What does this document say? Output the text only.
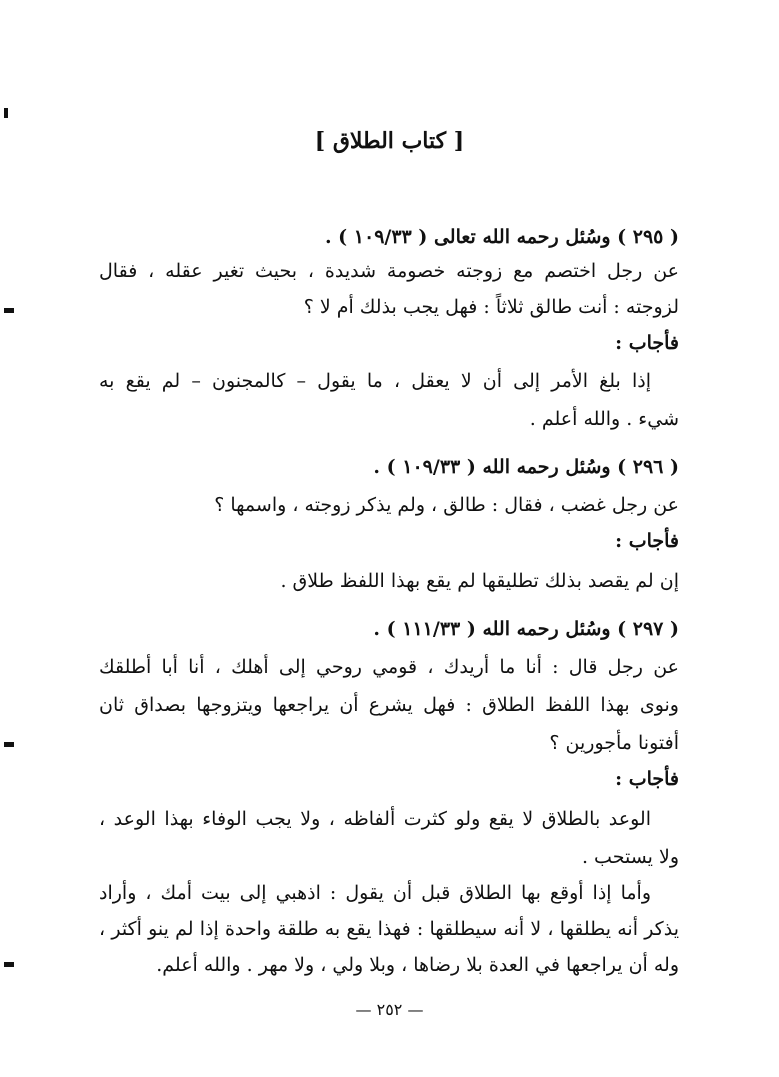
[ كتاب الطلاق ]
( ٢٩٥ ) وسُئل رحمه الله تعالى ( ١٠٩/٣٣ ) .
عن رجل اختصم مع زوجته خصومة شديدة ، بحيث تغير عقله ، فقال
لزوجته : أنت طالق ثلاثاً : فهل يجب بذلك أم لا ؟
فأجاب :
إذا بلغ الأمر إلى أن لا يعقل ، ما يقول – كالمجنون – لم يقع به
شيء . والله أعلم .
( ٢٩٦ ) وسُئل رحمه الله ( ١٠٩/٣٣ ) .
عن رجل غضب ، فقال : طالق ، ولم يذكر زوجته ، واسمها ؟
فأجاب :
إن لم يقصد بذلك تطليقها لم يقع بهذا اللفظ طلاق .
( ٢٩٧ ) وسُئل رحمه الله ( ١١١/٣٣ ) .
عن رجل قال : أنا ما أريدك ، قومي روحي إلى أهلك ، أنا أبا أطلقك
ونوى بهذا اللفظ الطلاق : فهل يشرع أن يراجعها ويتزوجها بصداق ثان
أفتونا مأجورين ؟
فأجاب :
الوعد بالطلاق لا يقع ولو كثرت ألفاظه ، ولا يجب الوفاء بهذا الوعد ،
ولا يستحب .
وأما إذا أوقع بها الطلاق قبل أن يقول : اذهبي إلى بيت أمك ، وأراد
يذكر أنه يطلقها ، لا أنه سيطلقها : فهذا يقع به طلقة واحدة إذا لم ينو أكثر ،
وله أن يراجعها في العدة بلا رضاها ، وبلا ولي ، ولا مهر . والله أعلم.
— ٢٥٢ —
